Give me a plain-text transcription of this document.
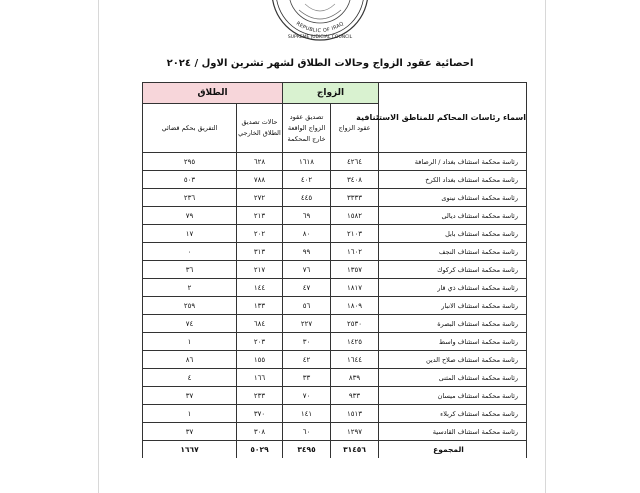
REPUBLIC OF IRAQ
SUPREME JUDICIAL COUNCIL
احصائية عقود الزواج وحالات الطلاق لشهر تشرين الاول / ٢٠٢٤
اسماء رئاسات المحاكم للمناطق الاستئنافية	الزواج		الطلاق	
	عقود الزواج	تصديق عقود الزواج الواقعة خارج المحكمة	حالات تصديق الطلاق الخارجي	التفريق بحكم قضائي
رئاسة محكمة استئناف بغداد / الرصافة	٤٢٦٤	١٦١٨	٦٢٨	٢٩٥
رئاسة محكمة استئناف بغداد الكرخ	٣٤٠٨	٤٠٢	٧٨٨	٥٠٣
رئاسة محكمة استئناف نينوى	٣٣٣٣	٤٤٥	٢٧٢	٢٣٦
رئاسة محكمة استئناف ديالى	١٥٨٢	٦٩	٢١٣	٧٩
رئاسة محكمة استئناف بابل	٢١٠٣	٨٠	٢٠٢	١٧
رئاسة محكمة استئناف النجف	١٦٠٢	٩٩	٣١٣	٠
رئاسة محكمة استئناف كركوك	١٣٥٧	٧٦	٢١٧	٣٦
رئاسة محكمة استئناف ذي قار	١٨١٧	٤٧	١٤٤	٢
رئاسة محكمة استئناف الانبار	١٨٠٩	٥٦	١٣٣	٢٥٩
رئاسة محكمة استئناف البصرة	٢٥٣٠	٢٢٧	٦٨٤	٧٤
رئاسة محكمة استئناف واسط	١٤٢٥	٣٠	٢٠٣	١
رئاسة محكمة استئناف صلاح الدين	١٦٤٤	٤٢	١٥٥	٨٦
رئاسة محكمة استئناف المثنى	٨٣٩	٣٣	١٦٦	٤
رئاسة محكمة استئناف ميسان	٩٣٣	٧٠	٢٣٣	٣٧
رئاسة محكمة استئناف كربلاء	١٥١٣	١٤١	٣٧٠	١
رئاسة محكمة استئناف القادسية	١٢٩٧	٦٠	٣٠٨	٣٧
المجموع	٣١٤٥٦	٣٤٩٥	٥٠٢٩	١٦٦٧
